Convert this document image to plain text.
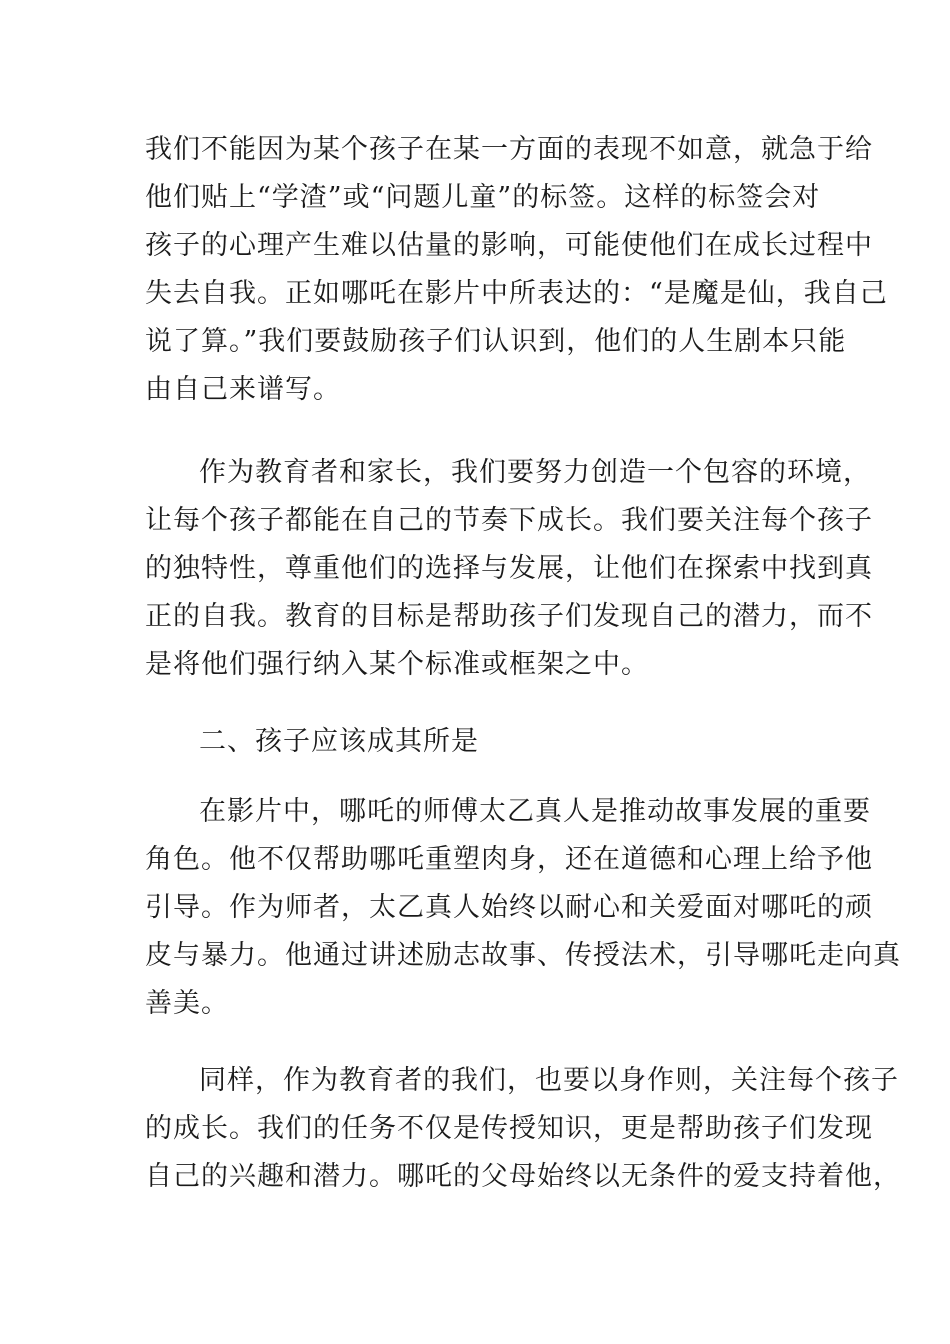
我们不能因为某个孩子在某一方面的表现不如意，就急于给
他们贴上“学渣”或“问题儿童”的标签。这样的标签会对
孩子的心理产生难以估量的影响，可能使他们在成长过程中
失去自我。正如哪吒在影片中所表达的：“是魔是仙，我自己
说了算。”我们要鼓励孩子们认识到，他们的人生剧本只能
由自己来谱写。
作为教育者和家长，我们要努力创造一个包容的环境，
让每个孩子都能在自己的节奏下成长。我们要关注每个孩子
的独特性，尊重他们的选择与发展，让他们在探索中找到真
正的自我。教育的目标是帮助孩子们发现自己的潜力，而不
是将他们强行纳入某个标准或框架之中。
二、孩子应该成其所是
在影片中，哪吒的师傅太乙真人是推动故事发展的重要
角色。他不仅帮助哪吒重塑肉身，还在道德和心理上给予他
引导。作为师者，太乙真人始终以耐心和关爱面对哪吒的顽
皮与暴力。他通过讲述励志故事、传授法术，引导哪吒走向真
善美。
同样，作为教育者的我们，也要以身作则，关注每个孩子
的成长。我们的任务不仅是传授知识，更是帮助孩子们发现
自己的兴趣和潜力。哪吒的父母始终以无条件的爱支持着他，
